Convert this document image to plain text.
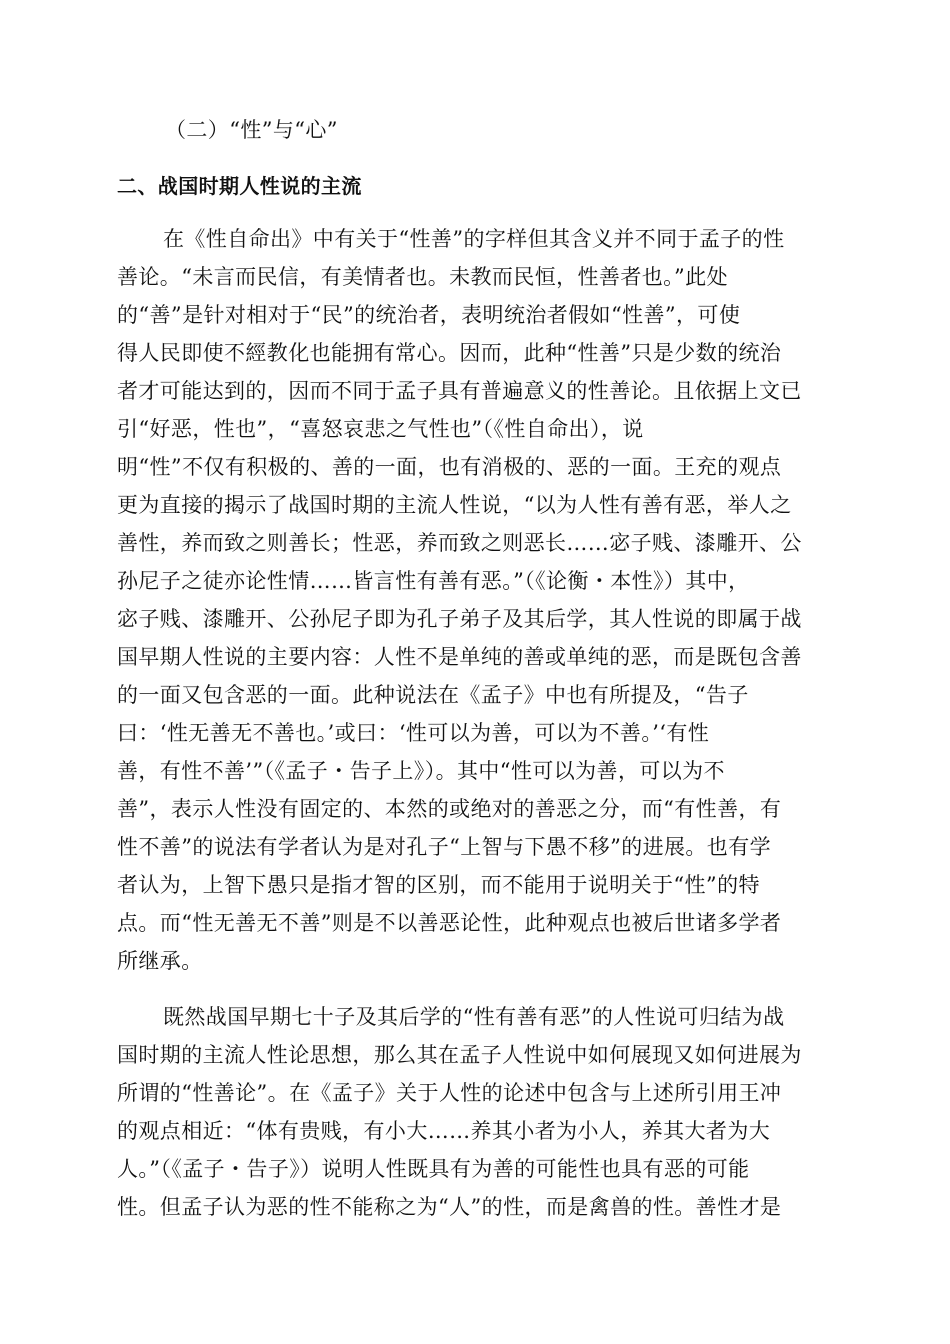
（二）“性”与“心”
二、战国时期人性说的主流
在《性自命出》中有关于“性善”的字样但其含义并不同于孟子的性
善论。“未言而民信，有美情者也。未教而民恒，性善者也。”此处
的“善”是针对相对于“民”的统治者，表明统治者假如“性善”，可使
得人民即使不經教化也能拥有常心。因而，此种“性善”只是少数的统治
者才可能达到的，因而不同于孟子具有普遍意义的性善论。且依据上文已
引“好恶，性也”，“喜怒哀悲之气性也”（《性自命出），说
明“性”不仅有积极的、善的一面，也有消极的、恶的一面。王充的观点
更为直接的揭示了战国时期的主流人性说，“以为人性有善有恶，举人之
善性，养而致之则善长；性恶，养而致之则恶长……宓子贱、漆雕开、公
孙尼子之徒亦论性情……皆言性有善有恶。”（《论衡・本性》）其中，
宓子贱、漆雕开、公孙尼子即为孔子弟子及其后学，其人性说的即属于战
国早期人性说的主要内容：人性不是单纯的善或单纯的恶，而是既包含善
的一面又包含恶的一面。此种说法在《孟子》中也有所提及，“告子
曰：‘性无善无不善也。’或曰：‘性可以为善，可以为不善。’‘有性
善，有性不善’”（《孟子・告子上》）。其中“性可以为善，可以为不
善”，表示人性没有固定的、本然的或绝对的善恶之分，而“有性善，有
性不善”的说法有学者认为是对孔子“上智与下愚不移”的进展。也有学
者认为，上智下愚只是指才智的区别，而不能用于说明关于“性”的特
点。而“性无善无不善”则是不以善恶论性，此种观点也被后世诸多学者
所继承。
既然战国早期七十子及其后学的“性有善有恶”的人性说可归结为战
国时期的主流人性论思想，那么其在孟子人性说中如何展现又如何进展为
所谓的“性善论”。在《孟子》关于人性的论述中包含与上述所引用王冲
的观点相近：“体有贵贱，有小大……养其小者为小人，养其大者为大
人。”（《孟子・告子》）说明人性既具有为善的可能性也具有恶的可能
性。但孟子认为恶的性不能称之为“人”的性，而是禽兽的性。善性才是
